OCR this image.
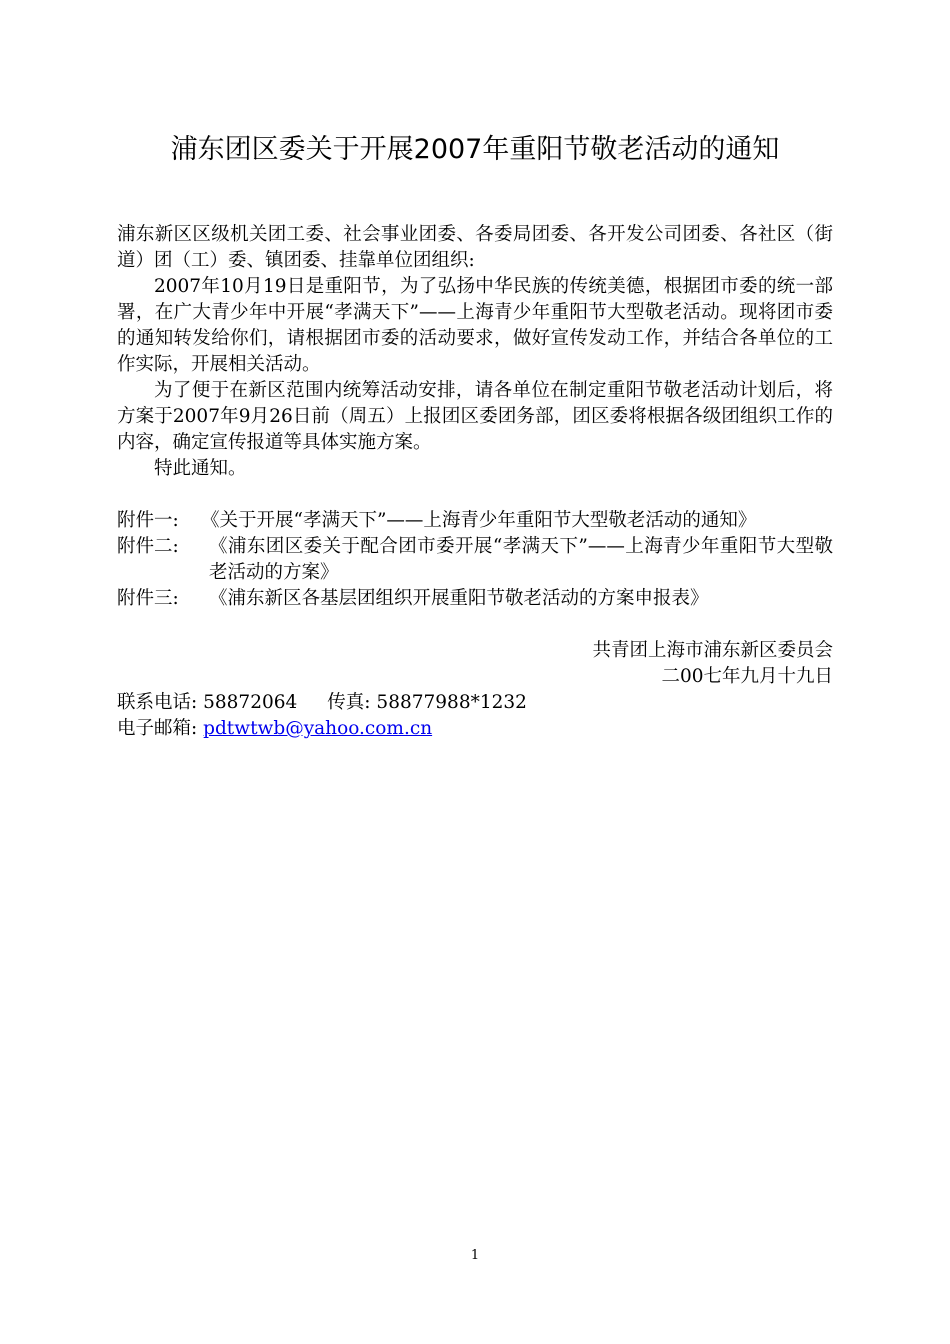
浦东团区委关于开展2007年重阳节敬老活动的通知

浦东新区区级机关团工委、社会事业团委、各委局团委、各开发公司团委、各社区（街道）团（工）委、镇团委、挂靠单位团组织:

2007年10月19日是重阳节，为了弘扬中华民族的传统美德，根据团市委的统一部署，在广大青少年中开展“孝满天下”——上海青少年重阳节大型敬老活动。现将团市委的通知转发给你们，请根据团市委的活动要求，做好宣传发动工作，并结合各单位的工作实际，开展相关活动。

为了便于在新区范围内统筹活动安排，请各单位在制定重阳节敬老活动计划后，将方案于2007年9月26日前（周五）上报团区委团务部，团区委将根据各级团组织工作的内容，确定宣传报道等具体实施方案。

特此通知。

附件一:	《关于开展“孝满天下”——上海青少年重阳节大型敬老活动的通知》

附件二:	《浦东团区委关于配合团市委开展“孝满天下”——上海青少年重阳节大型敬老活动的方案》

附件三:	《浦东新区各基层团组织开展重阳节敬老活动的方案申报表》

共青团上海市浦东新区委员会

二00七年九月十九日

联系电话: 58872064 传真: 58877988*1232

电子邮箱: pdtwtwb@yahoo.com.cn

1
